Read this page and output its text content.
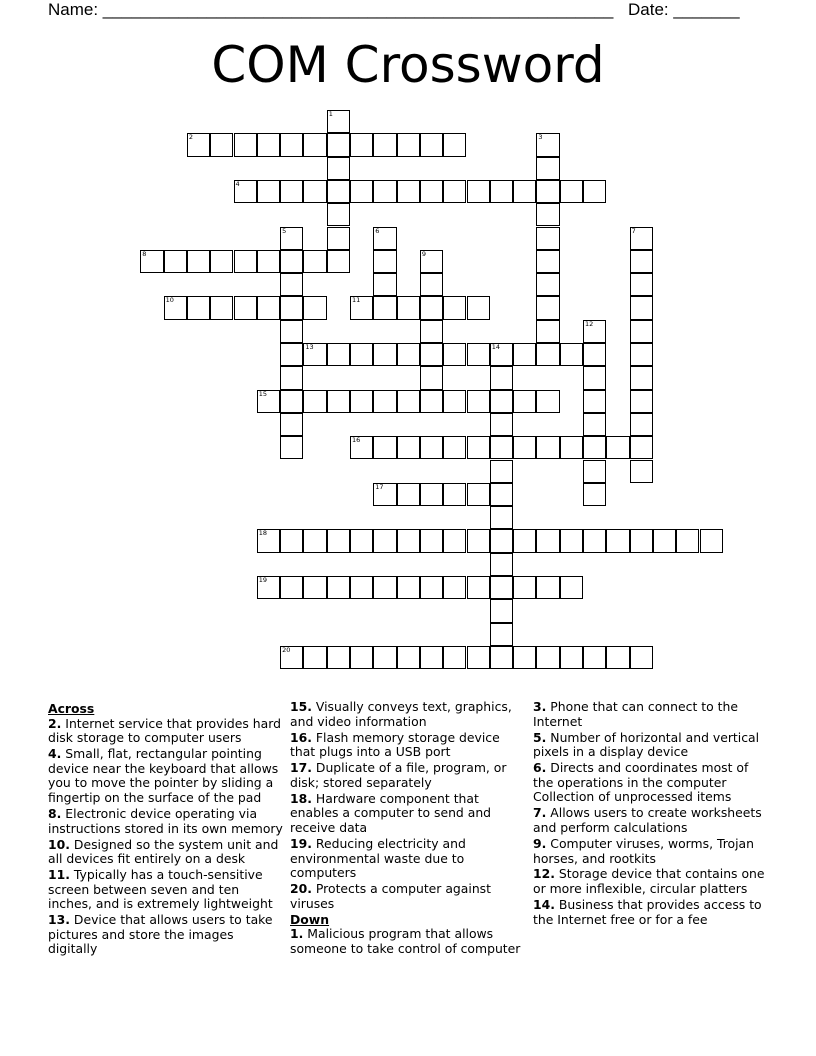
Name: ______________________________________________________ Date: _______
COM Crossword
1
2	3
4
5	6	7
8	9
10	11
12
13	14
15
16
17
18
19
20
Across
2. Internet service that provides hard disk storage to computer users
4. Small, flat, rectangular pointing device near the keyboard that allows you to move the pointer by sliding a fingertip on the surface of the pad
8. Electronic device operating via instructions stored in its own memory
10. Designed so the system unit and all devices fit entirely on a desk
11. Typically has a touch-sensitive screen between seven and ten inches, and is extremely lightweight
13. Device that allows users to take pictures and store the images digitally
15. Visually conveys text, graphics, and video information
16. Flash memory storage device that plugs into a USB port
17. Duplicate of a file, program, or disk; stored separately
18. Hardware component that enables a computer to send and receive data
19. Reducing electricity and environmental waste due to computers
20. Protects a computer against viruses
Down
1. Malicious program that allows someone to take control of computer
3. Phone that can connect to the Internet
5. Number of horizontal and vertical pixels in a display device
6. Directs and coordinates most of the operations in the computer Collection of unprocessed items
7. Allows users to create worksheets and perform calculations
9. Computer viruses, worms, Trojan horses, and rootkits
12. Storage device that contains one or more inflexible, circular platters
14. Business that provides access to the Internet free or for a fee
